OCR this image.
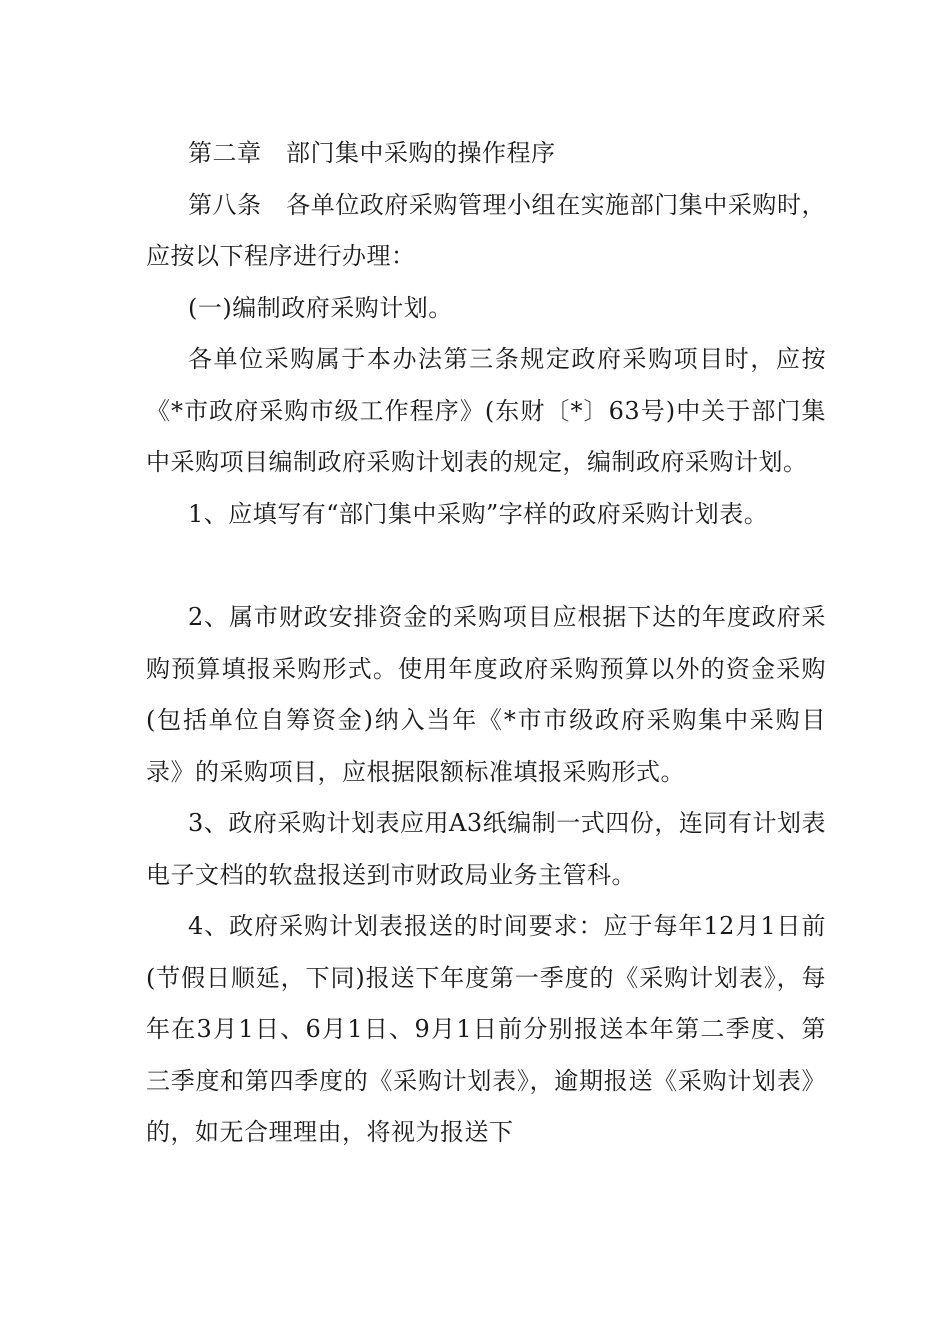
第二章　部门集中采购的操作程序

第八条　各单位政府采购管理小组在实施部门集中采购时，应按以下程序进行办理：

(一)编制政府采购计划。

各单位采购属于本办法第三条规定政府采购项目时，应按《*市政府采购市级工作程序》(东财〔*〕63号)中关于部门集中采购项目编制政府采购计划表的规定，编制政府采购计划。

1、应填写有“部门集中采购”字样的政府采购计划表。

2、属市财政安排资金的采购项目应根据下达的年度政府采购预算填报采购形式。使用年度政府采购预算以外的资金采购(包括单位自筹资金)纳入当年《*市市级政府采购集中采购目录》的采购项目，应根据限额标准填报采购形式。

3、政府采购计划表应用A3纸编制一式四份，连同有计划表电子文档的软盘报送到市财政局业务主管科。

4、政府采购计划表报送的时间要求：应于每年12月1日前(节假日顺延，下同)报送下年度第一季度的《采购计划表》，每年在3月1日、6月1日、9月1日前分别报送本年第二季度、第三季度和第四季度的《采购计划表》，逾期报送《采购计划表》的，如无合理理由，将视为报送下
